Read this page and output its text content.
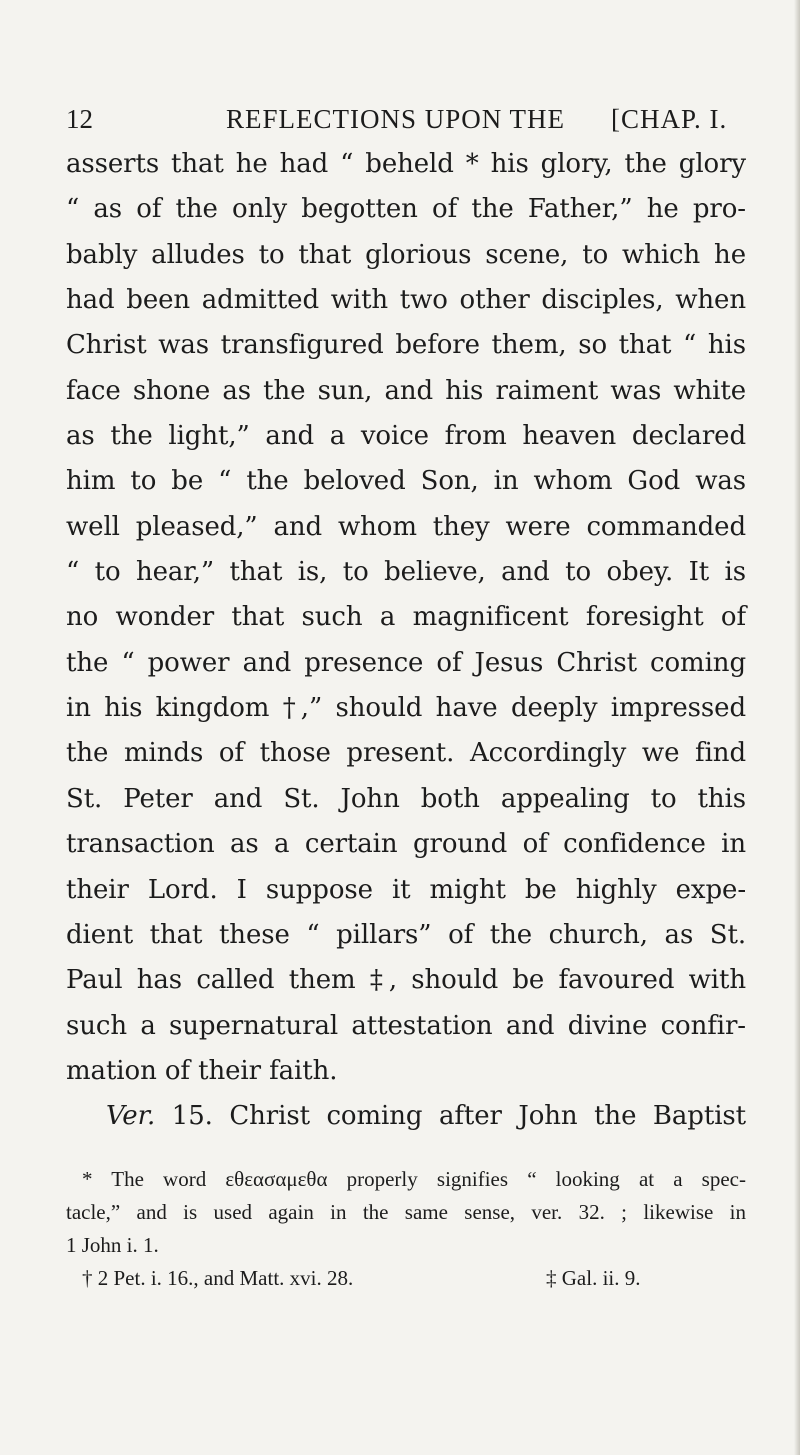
12	REFLECTIONS UPON THE [CHAP. I.
asserts that he had “ beheld * his glory, the glory
“ as of the only begotten of the Father,” he pro-
bably alludes to that glorious scene, to which he
had been admitted with two other disciples, when
Christ was transfigured before them, so that “ his
face shone as the sun, and his raiment was white
as the light,” and a voice from heaven declared
him to be “ the beloved Son, in whom God was
well pleased,” and whom they were commanded
“ to hear,” that is, to believe, and to obey. It is
no wonder that such a magnificent foresight of
the “ power and presence of Jesus Christ coming
in his kingdom †,” should have deeply impressed
the minds of those present. Accordingly we find
St. Peter and St. John both appealing to this
transaction as a certain ground of confidence in
their Lord. I suppose it might be highly expe-
dient that these “ pillars” of the church, as St.
Paul has called them ‡, should be favoured with
such a supernatural attestation and divine confir-
mation of their faith.
Ver. 15. Christ coming after John the Baptist
* The word εθεασαμεθα properly signifies “ looking at a spec-
tacle,” and is used again in the same sense, ver. 32. ; likewise in
1 John i. 1.
† 2 Pet. i. 16., and Matt. xvi. 28.	‡ Gal. ii. 9.
